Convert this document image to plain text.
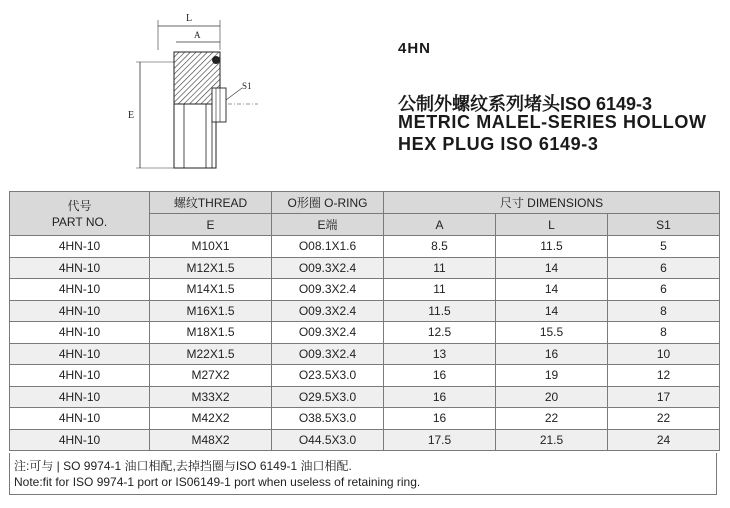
L
A
E
S1
4HN
公制外螺纹系列堵头ISO 6149-3
METRIC MALEL-SERIES HOLLOW
HEX PLUG ISO 6149-3
代号
PART NO.	螺纹THREAD	O形圈 O-RING	尺寸 DIMENSIONS		
	E	E端	A	L	S1
4HN-10	M10X1	O08.1X1.6	8.5	11.5	5
4HN-10	M12X1.5	O09.3X2.4	11	14	6
4HN-10	M14X1.5	O09.3X2.4	11	14	6
4HN-10	M16X1.5	O09.3X2.4	11.5	14	8
4HN-10	M18X1.5	O09.3X2.4	12.5	15.5	8
4HN-10	M22X1.5	O09.3X2.4	13	16	10
4HN-10	M27X2	O23.5X3.0	16	19	12
4HN-10	M33X2	O29.5X3.0	16	20	17
4HN-10	M42X2	O38.5X3.0	16	22	22
4HN-10	M48X2	O44.5X3.0	17.5	21.5	24
注:可与 | SO 9974-1 油口相配,去掉挡圈与ISO 6149-1 油口相配.
Note:fit for ISO 9974-1 port or IS06149-1 port when useless of retaining ring.
